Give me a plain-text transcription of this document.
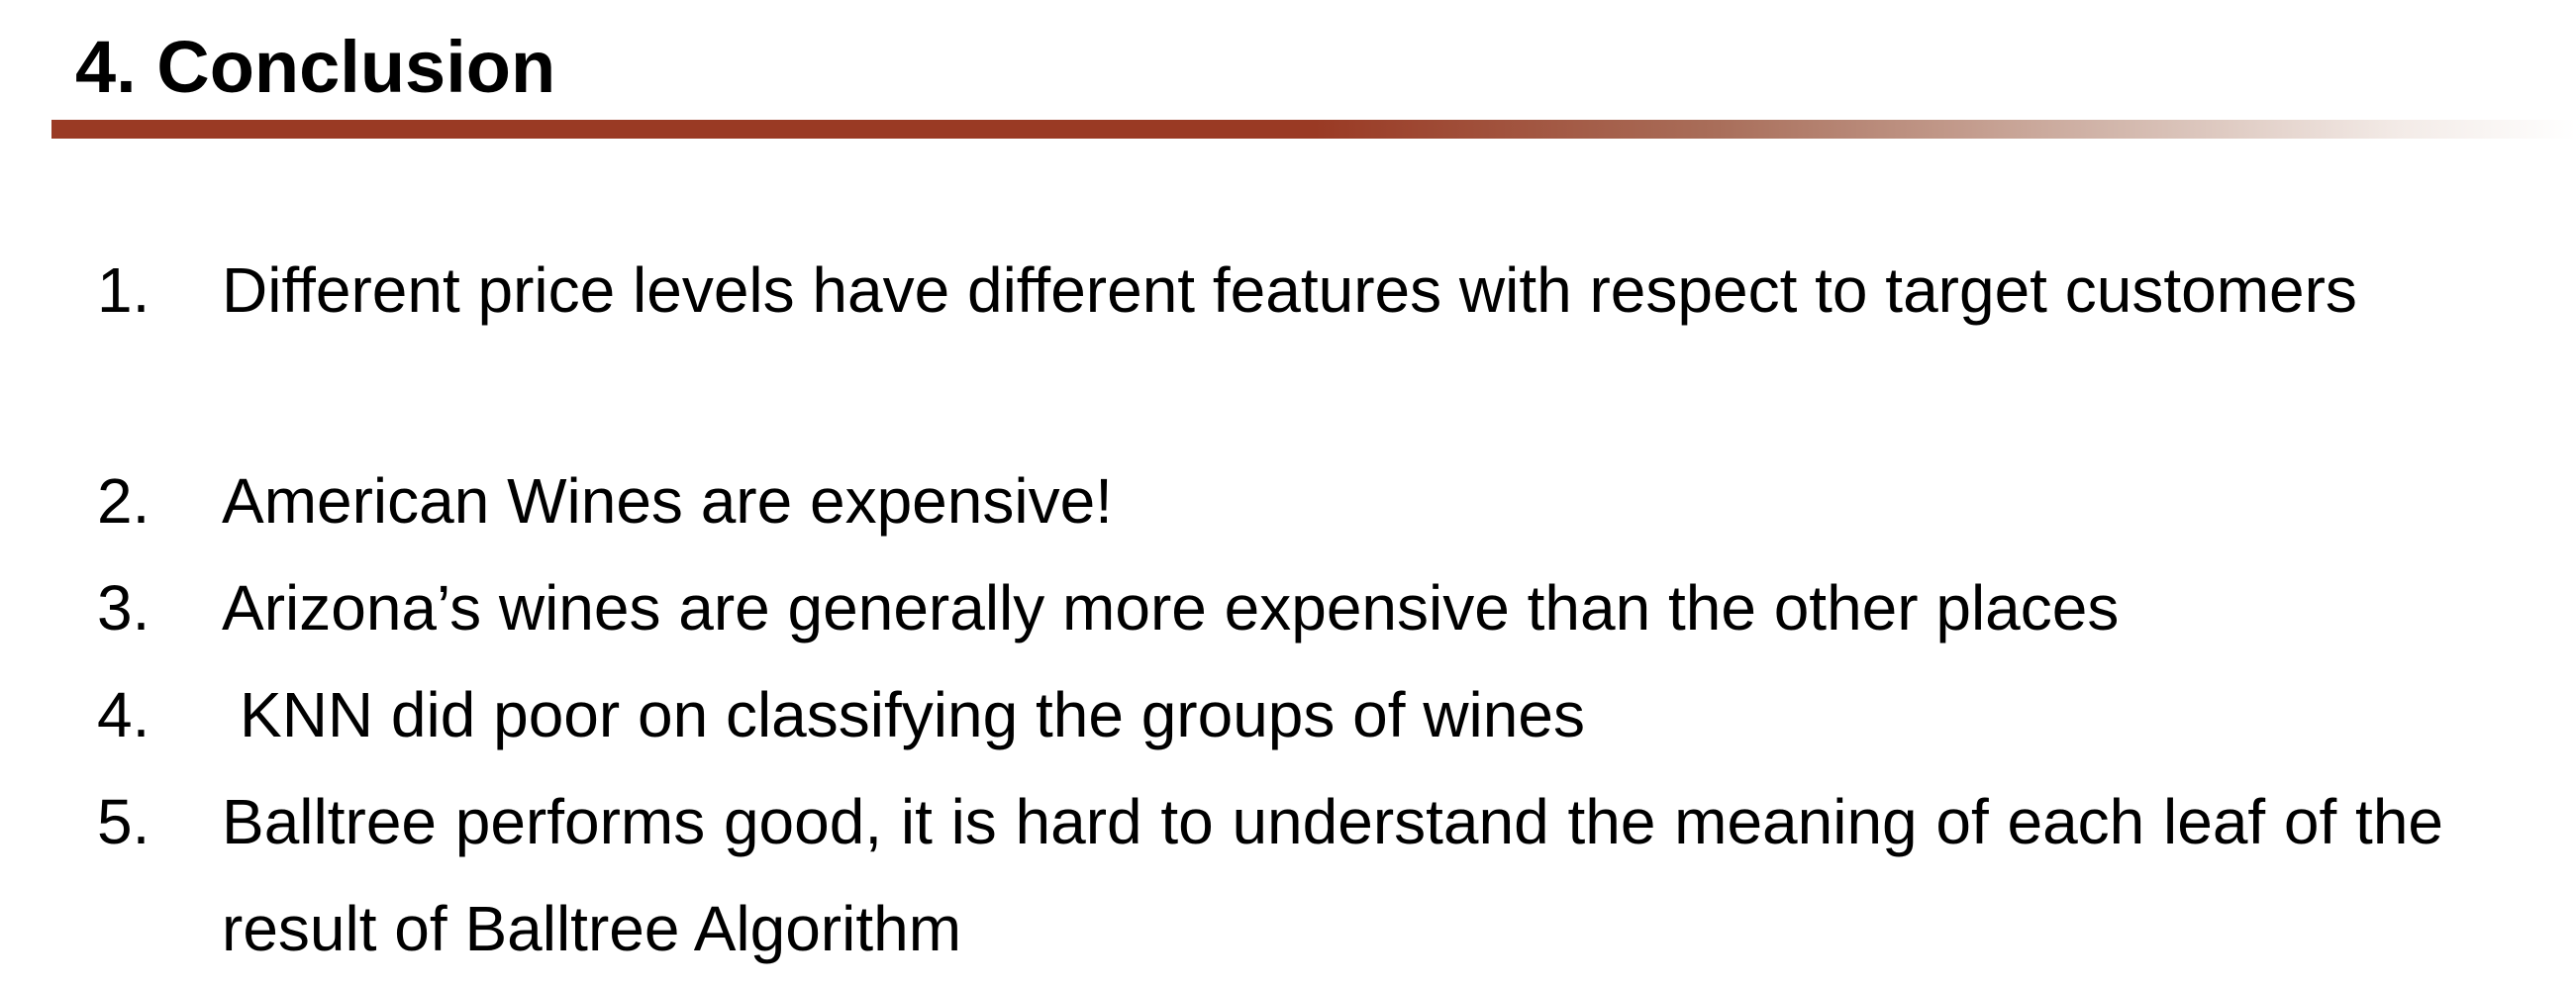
4. Conclusion
1. Different price levels have different features with respect to target customers
2. American Wines are expensive!
3. Arizona’s wines are generally more expensive than the other places
4. KNN did poor on classifying the groups of wines
5. Balltree performs good, it is hard to understand the meaning of each leaf of the result of Balltree Algorithm
